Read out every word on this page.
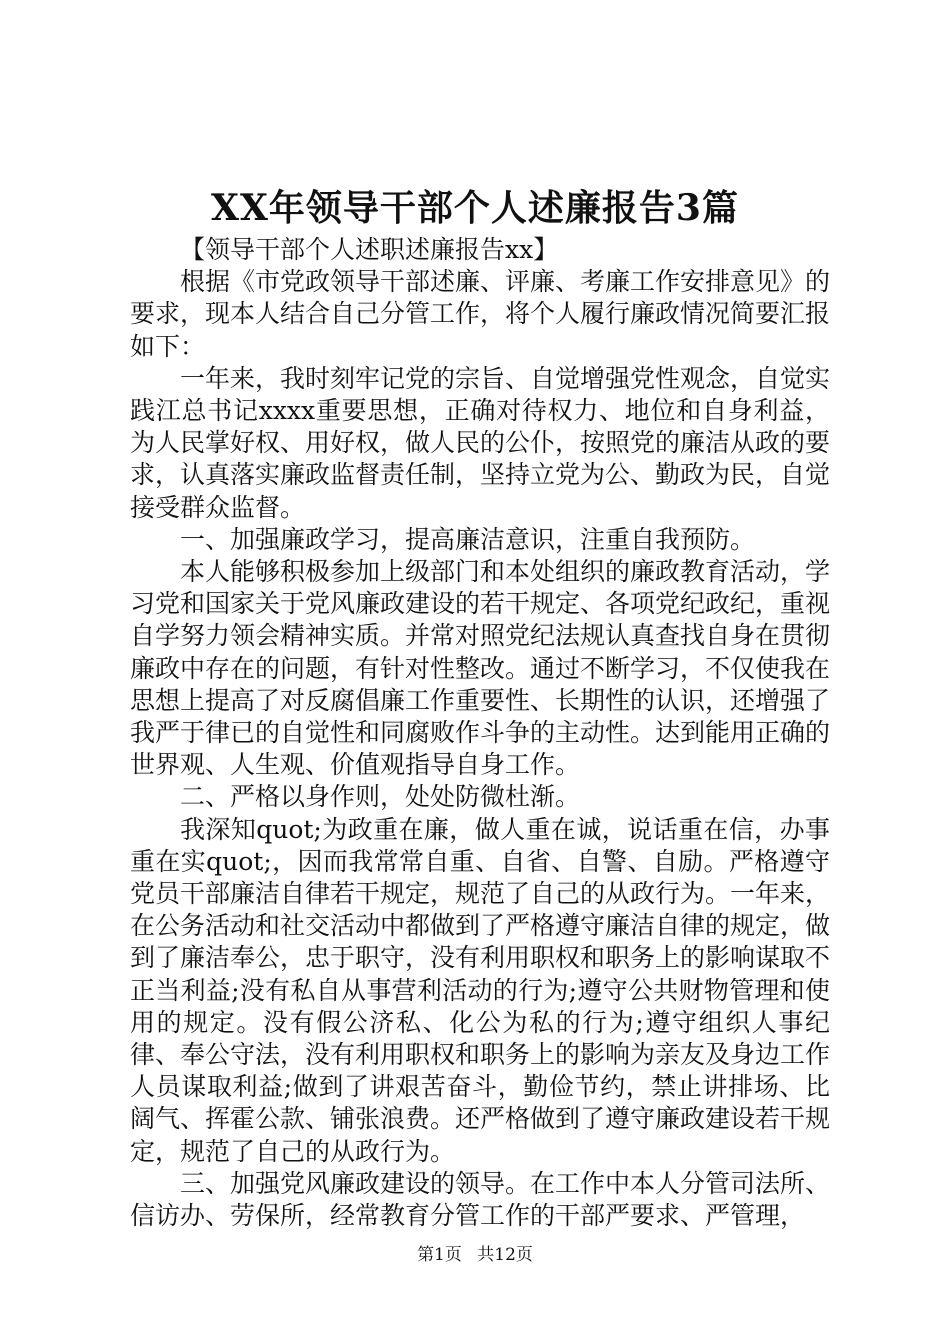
XX年领导干部个人述廉报告3篇

【领导干部个人述职述廉报告xx】

根据《市党政领导干部述廉、评廉、考廉工作安排意见》的要求，现本人结合自己分管工作，将个人履行廉政情况简要汇报如下：

一年来，我时刻牢记党的宗旨、自觉增强党性观念，自觉实践江总书记xxxx重要思想，正确对待权力、地位和自身利益，为人民掌好权、用好权，做人民的公仆，按照党的廉洁从政的要求，认真落实廉政监督责任制，坚持立党为公、勤政为民，自觉接受群众监督。

一、加强廉政学习，提高廉洁意识，注重自我预防。

本人能够积极参加上级部门和本处组织的廉政教育活动，学习党和国家关于党风廉政建设的若干规定、各项党纪政纪，重视自学努力领会精神实质。并常对照党纪法规认真查找自身在贯彻廉政中存在的问题，有针对性整改。通过不断学习，不仅使我在思想上提高了对反腐倡廉工作重要性、长期性的认识，还增强了我严于律已的自觉性和同腐败作斗争的主动性。达到能用正确的世界观、人生观、价值观指导自身工作。

二、严格以身作则，处处防微杜渐。

我深知quot;为政重在廉，做人重在诚，说话重在信，办事重在实quot;，因而我常常自重、自省、自警、自励。严格遵守党员干部廉洁自律若干规定，规范了自己的从政行为。一年来，在公务活动和社交活动中都做到了严格遵守廉洁自律的规定，做到了廉洁奉公，忠于职守，没有利用职权和职务上的影响谋取不正当利益;没有私自从事营利活动的行为;遵守公共财物管理和使用的规定。没有假公济私、化公为私的行为;遵守组织人事纪律、奉公守法，没有利用职权和职务上的影响为亲友及身边工作人员谋取利益;做到了讲艰苦奋斗，勤俭节约，禁止讲排场、比阔气、挥霍公款、铺张浪费。还严格做到了遵守廉政建设若干规定，规范了自己的从政行为。

三、加强党风廉政建设的领导。在工作中本人分管司法所、信访办、劳保所，经常教育分管工作的干部严要求、严管理，

第1页 共12页
